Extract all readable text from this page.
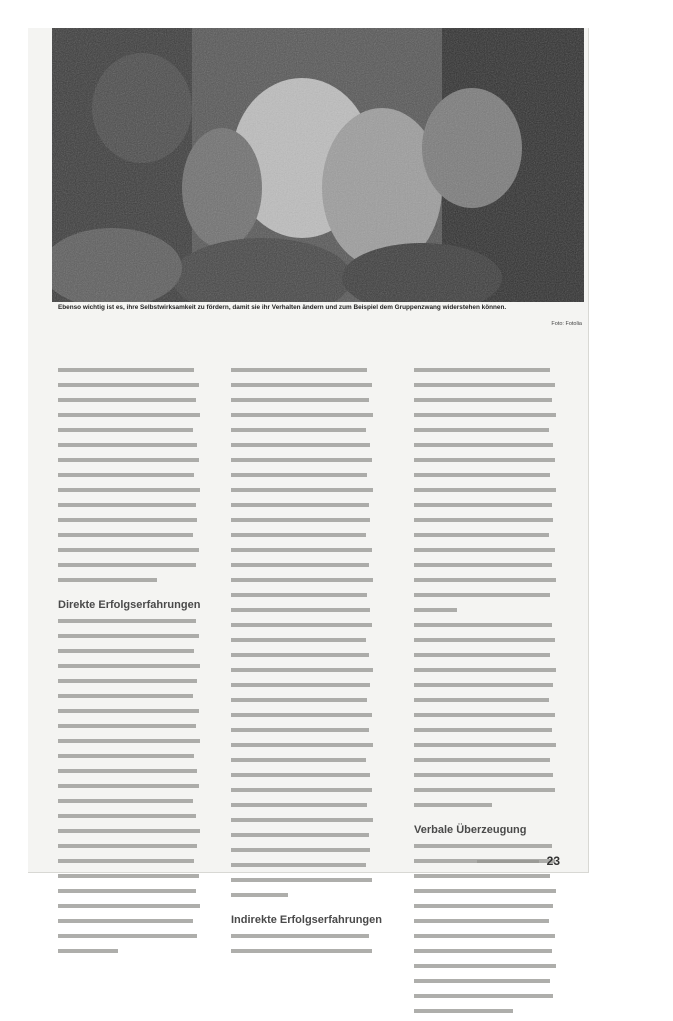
Ebenso wichtig ist es, ihre Selbstwirksamkeit zu fördern, damit sie ihr Verhalten ändern und zum Beispiel dem Gruppenzwang widerstehen können.
Foto: Fotolia
Direkte Erfolgserfahrungen
Indirekte Erfolgserfahrungen
Verbale Überzeugung
23
